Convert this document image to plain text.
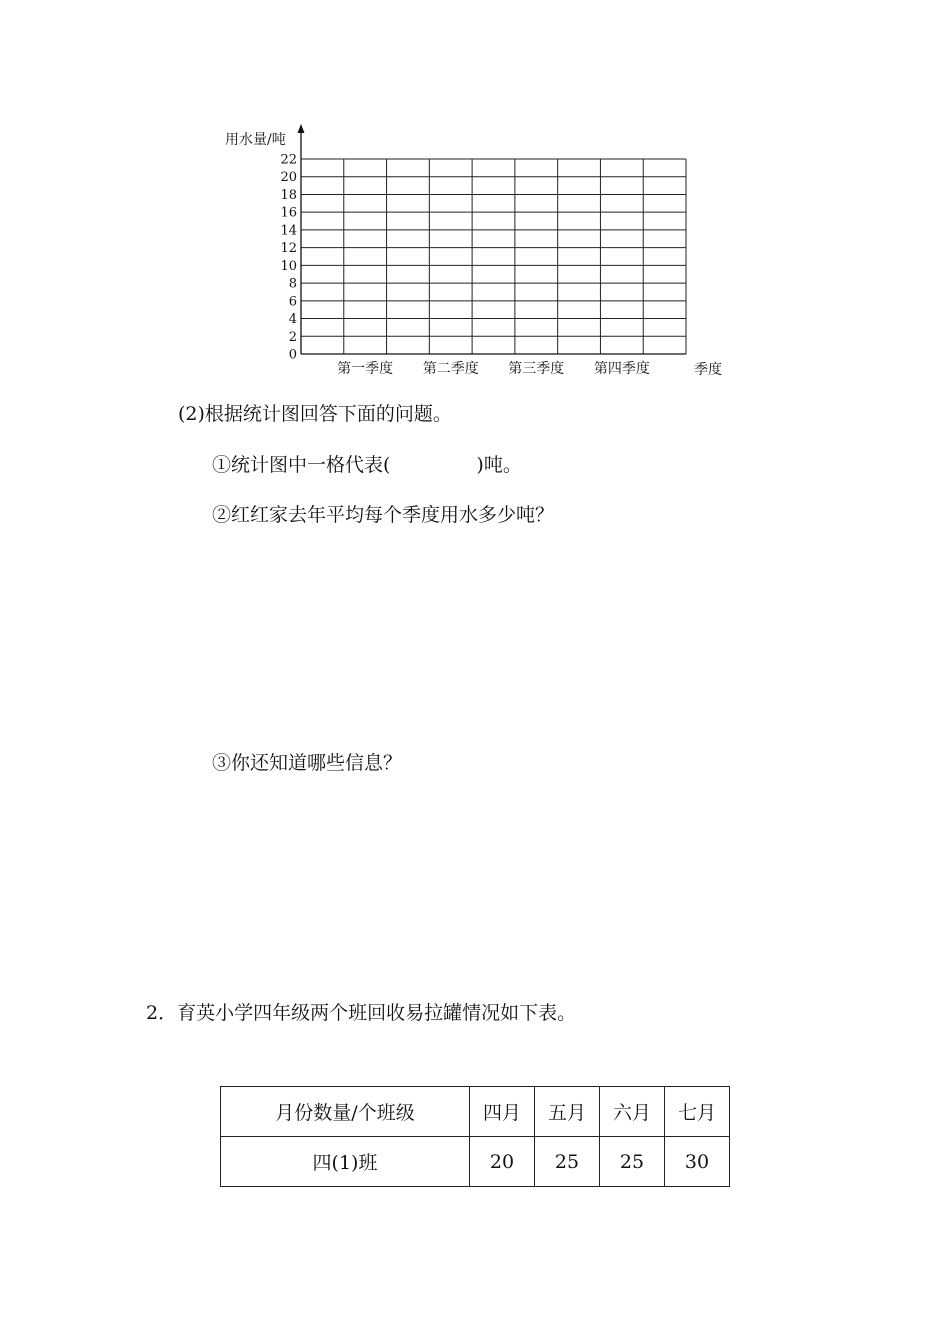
0
2
4
6
8
10
12
14
16
18
20
22
第一季度 第二季度 第三季度 第四季度
用水量/吨
季度
(2)根据统计图回答下面的问题。
①统计图中一格代表(	)吨。
②红红家去年平均每个季度用水多少吨？
③你还知道哪些信息？
2．育英小学四年级两个班回收易拉罐情况如下表。
月份数量/个班级	四月	五月	六月	七月
四(1)班	20	25	25	30
